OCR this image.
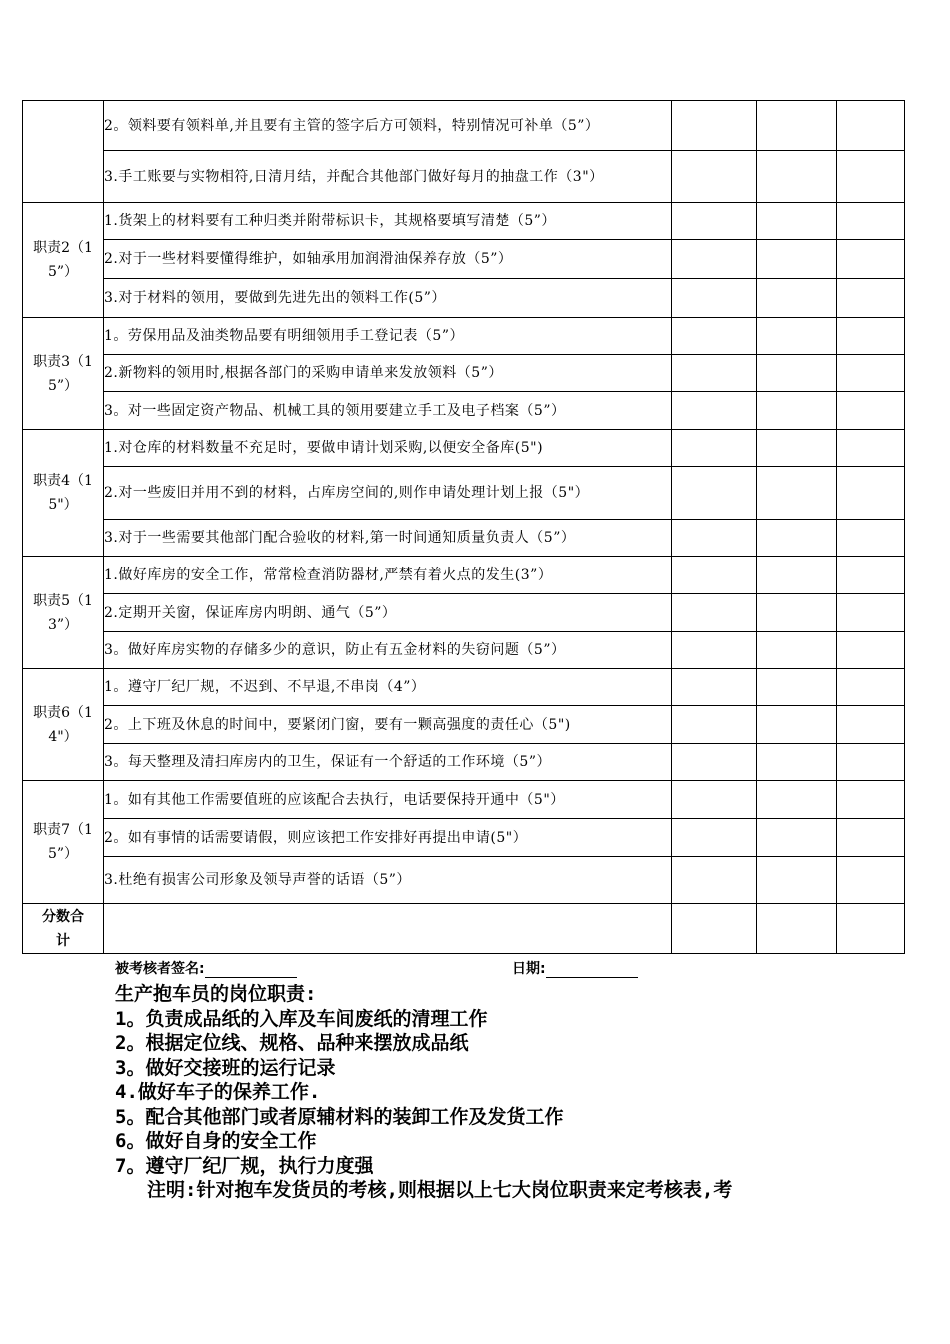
	2。领料要有领料单,并且要有主管的签字后方可领料，特别情况可补单（5”）			
	3.手工账要与实物相符,日清月结，并配合其他部门做好每月的抽盘工作（3"）			
职责2（15”）	1.货架上的材料要有工种归类并附带标识卡，其规格要填写清楚（5”）			
	2.对于一些材料要懂得维护，如轴承用加润滑油保养存放（5”）			
	3.对于材料的领用，要做到先进先出的领料工作(5”）			
职责3（15”）	1。劳保用品及油类物品要有明细领用手工登记表（5”）			
	2.新物料的领用时,根据各部门的采购申请单来发放领料（5”）			
	3。对一些固定资产物品、机械工具的领用要建立手工及电子档案（5”）			
职责4（15"）	1.对仓库的材料数量不充足时，要做申请计划采购,以便安全备库(5")			
	2.对一些废旧并用不到的材料，占库房空间的,则作申请处理计划上报（5"）			
	3.对于一些需要其他部门配合验收的材料,第一时间通知质量负责人（5”）			
职责5（13”）	1.做好库房的安全工作，常常检查消防器材,严禁有着火点的发生(3”）			
	2.定期开关窗，保证库房内明朗、通气（5”）			
	3。做好库房实物的存储多少的意识，防止有五金材料的失窃问题（5”）			
职责6（14"）	1。遵守厂纪厂规，不迟到、不早退,不串岗（4”）			
	2。上下班及休息的时间中，要紧闭门窗，要有一颗高强度的责任心（5")			
	3。每天整理及清扫库房内的卫生，保证有一个舒适的工作环境（5”）			
职责7（15”）	1。如有其他工作需要值班的应该配合去执行，电话要保持开通中（5"）			
	2。如有事情的话需要请假，则应该把工作安排好再提出申请(5"）			
	3.杜绝有损害公司形象及领导声誉的话语（5”）			
分数合计				
被考核者签名:	日期:
生产抱车员的岗位职责:
1。负责成品纸的入库及车间废纸的清理工作
2。根据定位线、规格、品种来摆放成品纸
3。做好交接班的运行记录
4.做好车子的保养工作.
5。配合其他部门或者原辅材料的装卸工作及发货工作
6。做好自身的安全工作
7。遵守厂纪厂规，执行力度强
注明:针对抱车发货员的考核,则根据以上七大岗位职责来定考核表,考
